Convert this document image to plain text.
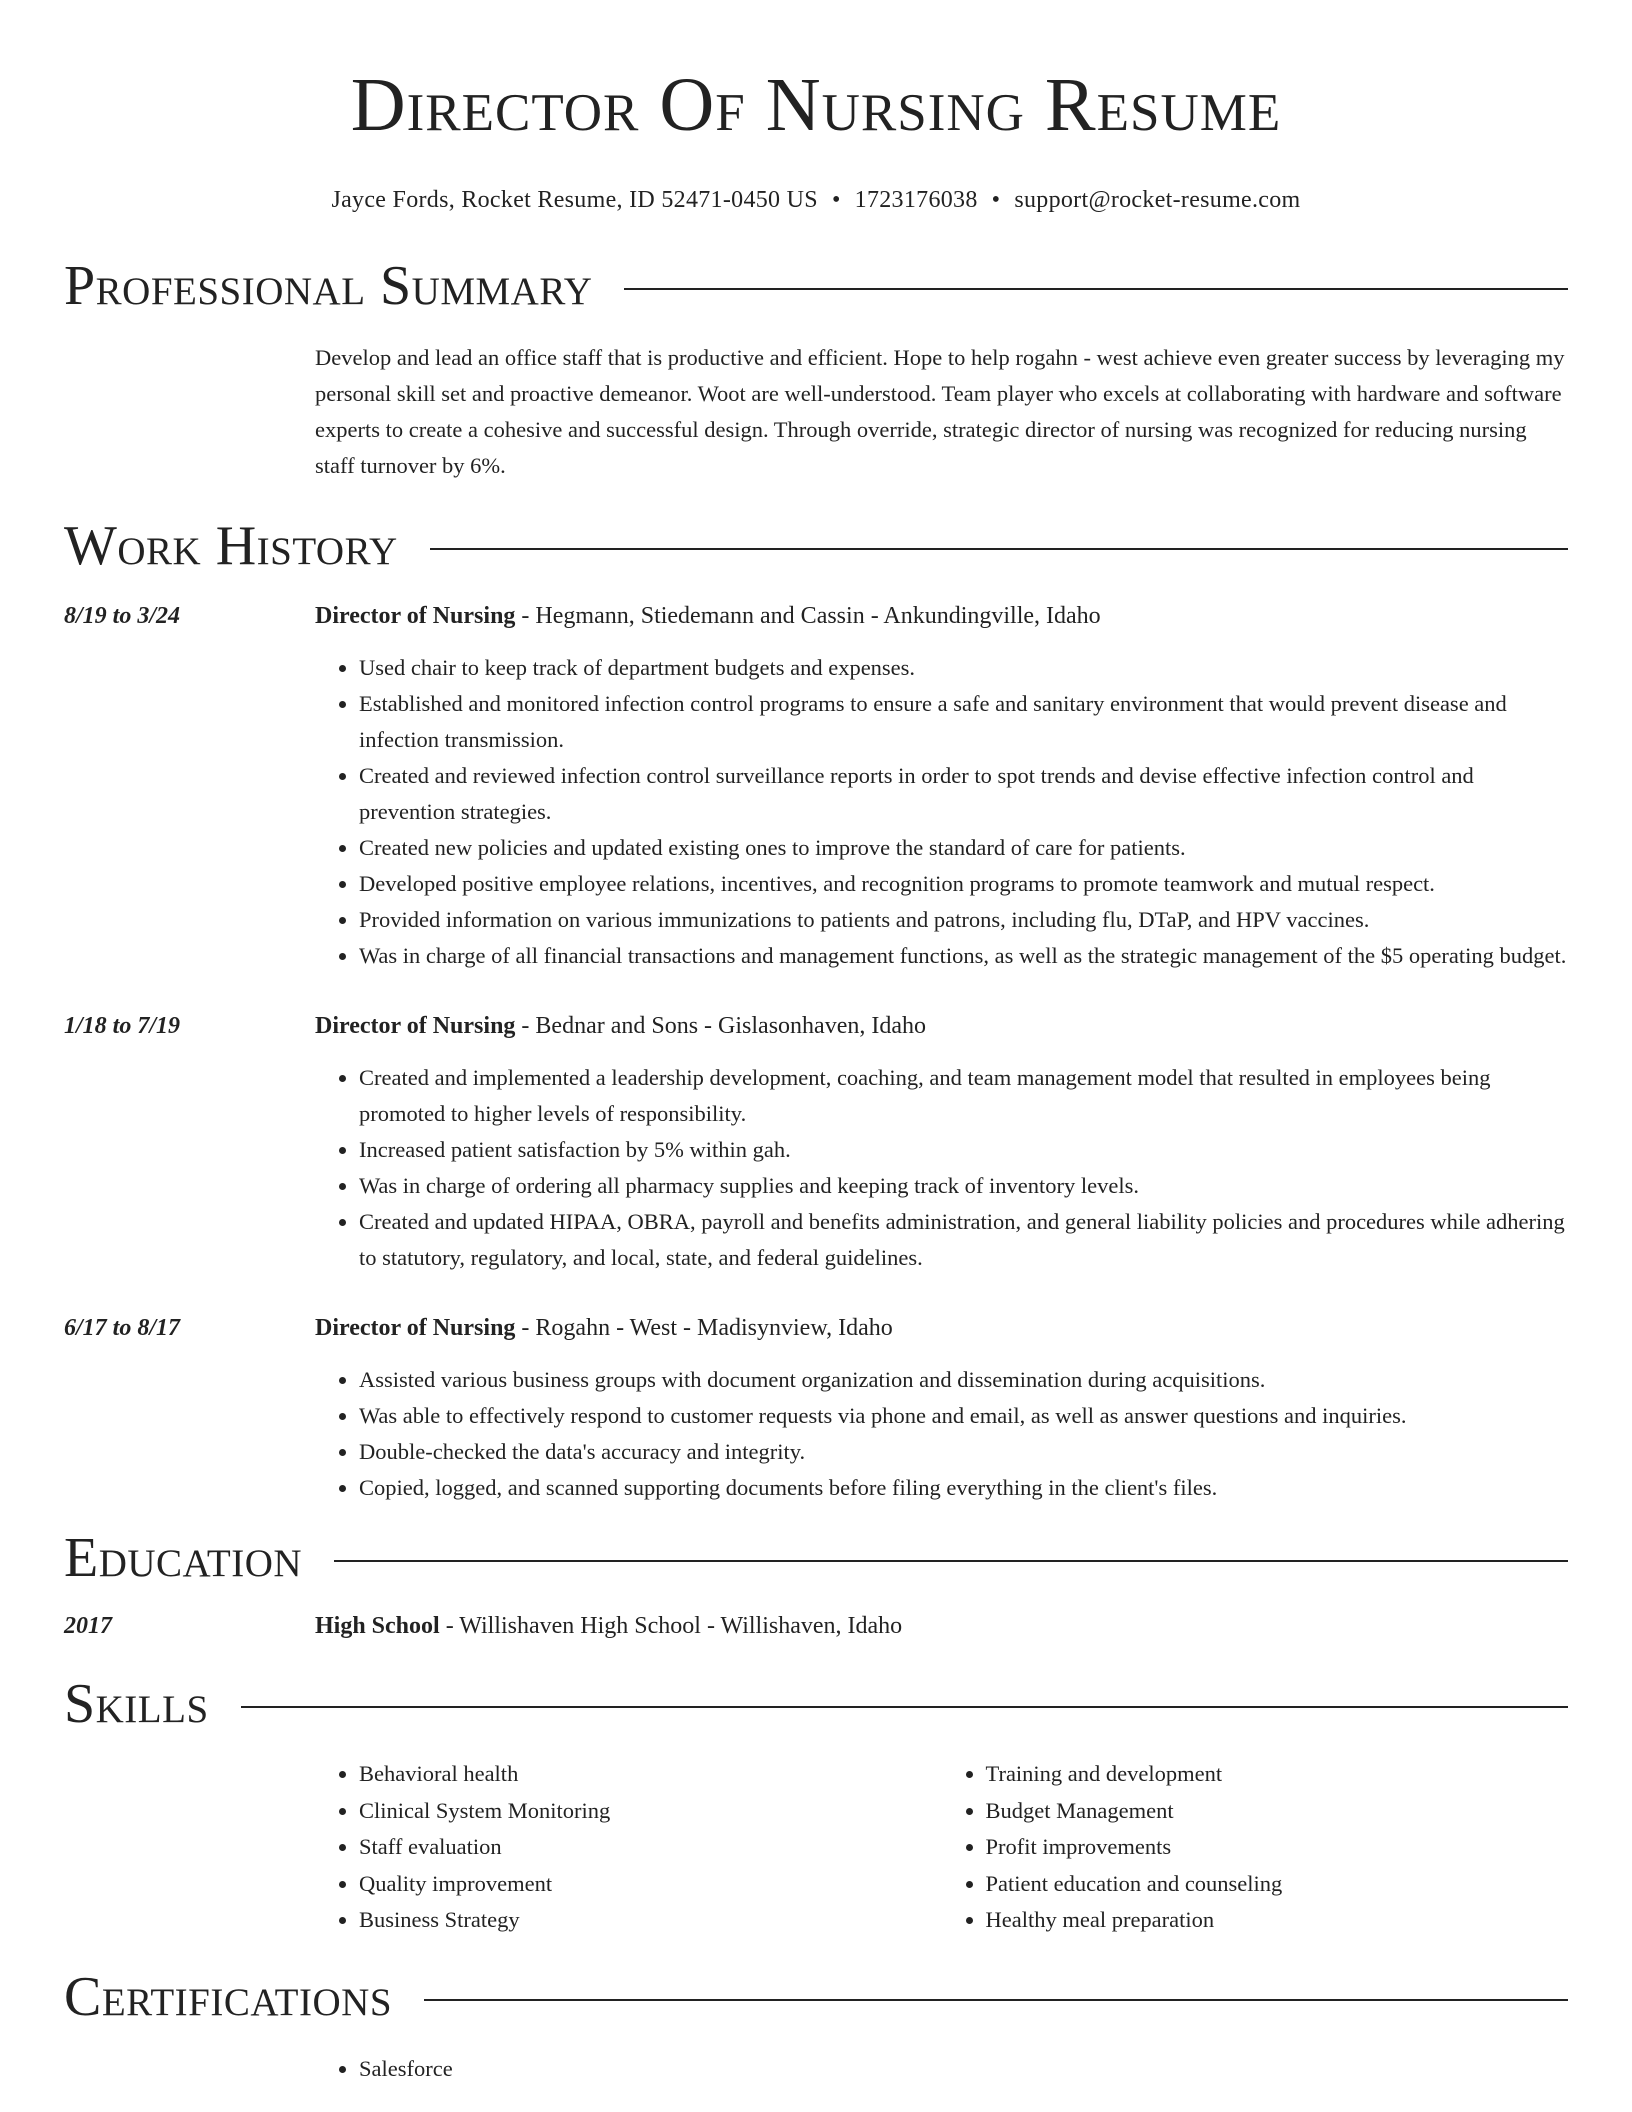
Director Of Nursing Resume
Jayce Fords, Rocket Resume, ID 52471-0450 US • 1723176038 • support@rocket-resume.com
Professional Summary
Develop and lead an office staff that is productive and efficient. Hope to help rogahn - west achieve even greater success by leveraging my personal skill set and proactive demeanor. Woot are well-understood. Team player who excels at collaborating with hardware and software experts to create a cohesive and successful design. Through override, strategic director of nursing was recognized for reducing nursing staff turnover by 6%.
Work History
8/19 to 3/24	Director of Nursing - Hegmann, Stiedemann and Cassin - Ankundingville, Idaho
• Used chair to keep track of department budgets and expenses.
• Established and monitored infection control programs to ensure a safe and sanitary environment that would prevent disease and infection transmission.
• Created and reviewed infection control surveillance reports in order to spot trends and devise effective infection control and prevention strategies.
• Created new policies and updated existing ones to improve the standard of care for patients.
• Developed positive employee relations, incentives, and recognition programs to promote teamwork and mutual respect.
• Provided information on various immunizations to patients and patrons, including flu, DTaP, and HPV vaccines.
• Was in charge of all financial transactions and management functions, as well as the strategic management of the $5 operating budget.
1/18 to 7/19	Director of Nursing - Bednar and Sons - Gislasonhaven, Idaho
• Created and implemented a leadership development, coaching, and team management model that resulted in employees being promoted to higher levels of responsibility.
• Increased patient satisfaction by 5% within gah.
• Was in charge of ordering all pharmacy supplies and keeping track of inventory levels.
• Created and updated HIPAA, OBRA, payroll and benefits administration, and general liability policies and procedures while adhering to statutory, regulatory, and local, state, and federal guidelines.
6/17 to 8/17	Director of Nursing - Rogahn - West - Madisynview, Idaho
• Assisted various business groups with document organization and dissemination during acquisitions.
• Was able to effectively respond to customer requests via phone and email, as well as answer questions and inquiries.
• Double-checked the data's accuracy and integrity.
• Copied, logged, and scanned supporting documents before filing everything in the client's files.
Education
2017	High School - Willishaven High School - Willishaven, Idaho
Skills
• Behavioral health
• Clinical System Monitoring
• Staff evaluation
• Quality improvement
• Business Strategy
• Training and development
• Budget Management
• Profit improvements
• Patient education and counseling
• Healthy meal preparation
Certifications
• Salesforce
